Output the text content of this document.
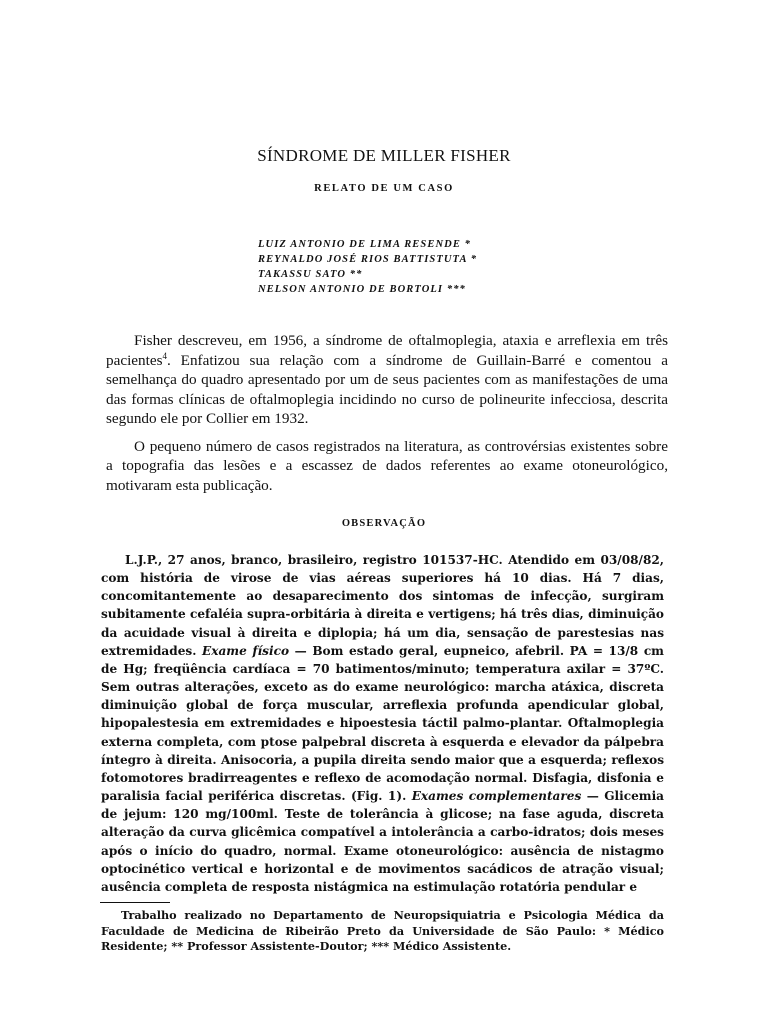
SÍNDROME DE MILLER FISHER
RELATO DE UM CASO
LUIZ ANTONIO DE LIMA RESENDE *
REYNALDO JOSÉ RIOS BATTISTUTA *
TAKASSU SATO **
NELSON ANTONIO DE BORTOLI ***

Fisher descreveu, em 1956, a síndrome de oftalmoplegia, ataxia e arreflexia em três pacientes$^4$. Enfatizou sua relação com a síndrome de Guillain-Barré e comentou a semelhança do quadro apresentado por um de seus pacientes com as manifestações de uma das formas clínicas de oftalmoplegia incidindo no curso de polineurite infecciosa, descrita segundo ele por Collier em 1932.

O pequeno número de casos registrados na literatura, as controvérsias existentes sobre a topografia das lesões e a escassez de dados referentes ao exame otoneurológico, motivaram esta publicação.

OBSERVAÇÃO

L.J.P., 27 anos, branco, brasileiro, registro 101537-HC. Atendido em 03/08/82, com história de virose de vias aéreas superiores há 10 dias. Há 7 dias, concomitantemente ao desaparecimento dos sintomas de infecção, surgiram subitamente cefaléia supra-orbitária à direita e vertigens; há três dias, diminuição da acuidade visual à direita e diplopia; há um dia, sensação de parestesias nas extremidades. Exame físico — Bom estado geral, eupneico, afebril. PA = 13/8 cm de Hg; freqüência cardíaca = 70 batimentos/minuto; temperatura axilar = 37ºC. Sem outras alterações, exceto as do exame neurológico: marcha atáxica, discreta diminuição global de força muscular, arreflexia profunda apendicular global, hipopalestesia em extremidades e hipoestesia táctil palmo-plantar. Oftalmoplegia externa completa, com ptose palpebral discreta à esquerda e elevador da pálpebra íntegro à direita. Anisocoria, a pupila direita sendo maior que a esquerda; reflexos fotomotores bradirreagentes e reflexo de acomodação normal. Disfagia, disfonia e paralisia facial periférica discretas. (Fig. 1). Exames complementares — Glicemia de jejum: 120 mg/100ml. Teste de tolerância à glicose; na fase aguda, discreta alteração da curva glicêmica compatível a intolerância a carbo-idratos; dois meses após o início do quadro, normal. Exame otoneurológico: ausência de nistagmo optocinético vertical e horizontal e de movimentos sacádicos de atração visual; ausência completa de resposta nistágmica na estimulação rotatória pendular e

Trabalho realizado no Departamento de Neuropsiquiatria e Psicologia Médica da Faculdade de Medicina de Ribeirão Preto da Universidade de São Paulo: * Médico Residente; ** Professor Assistente-Doutor; *** Médico Assistente.
